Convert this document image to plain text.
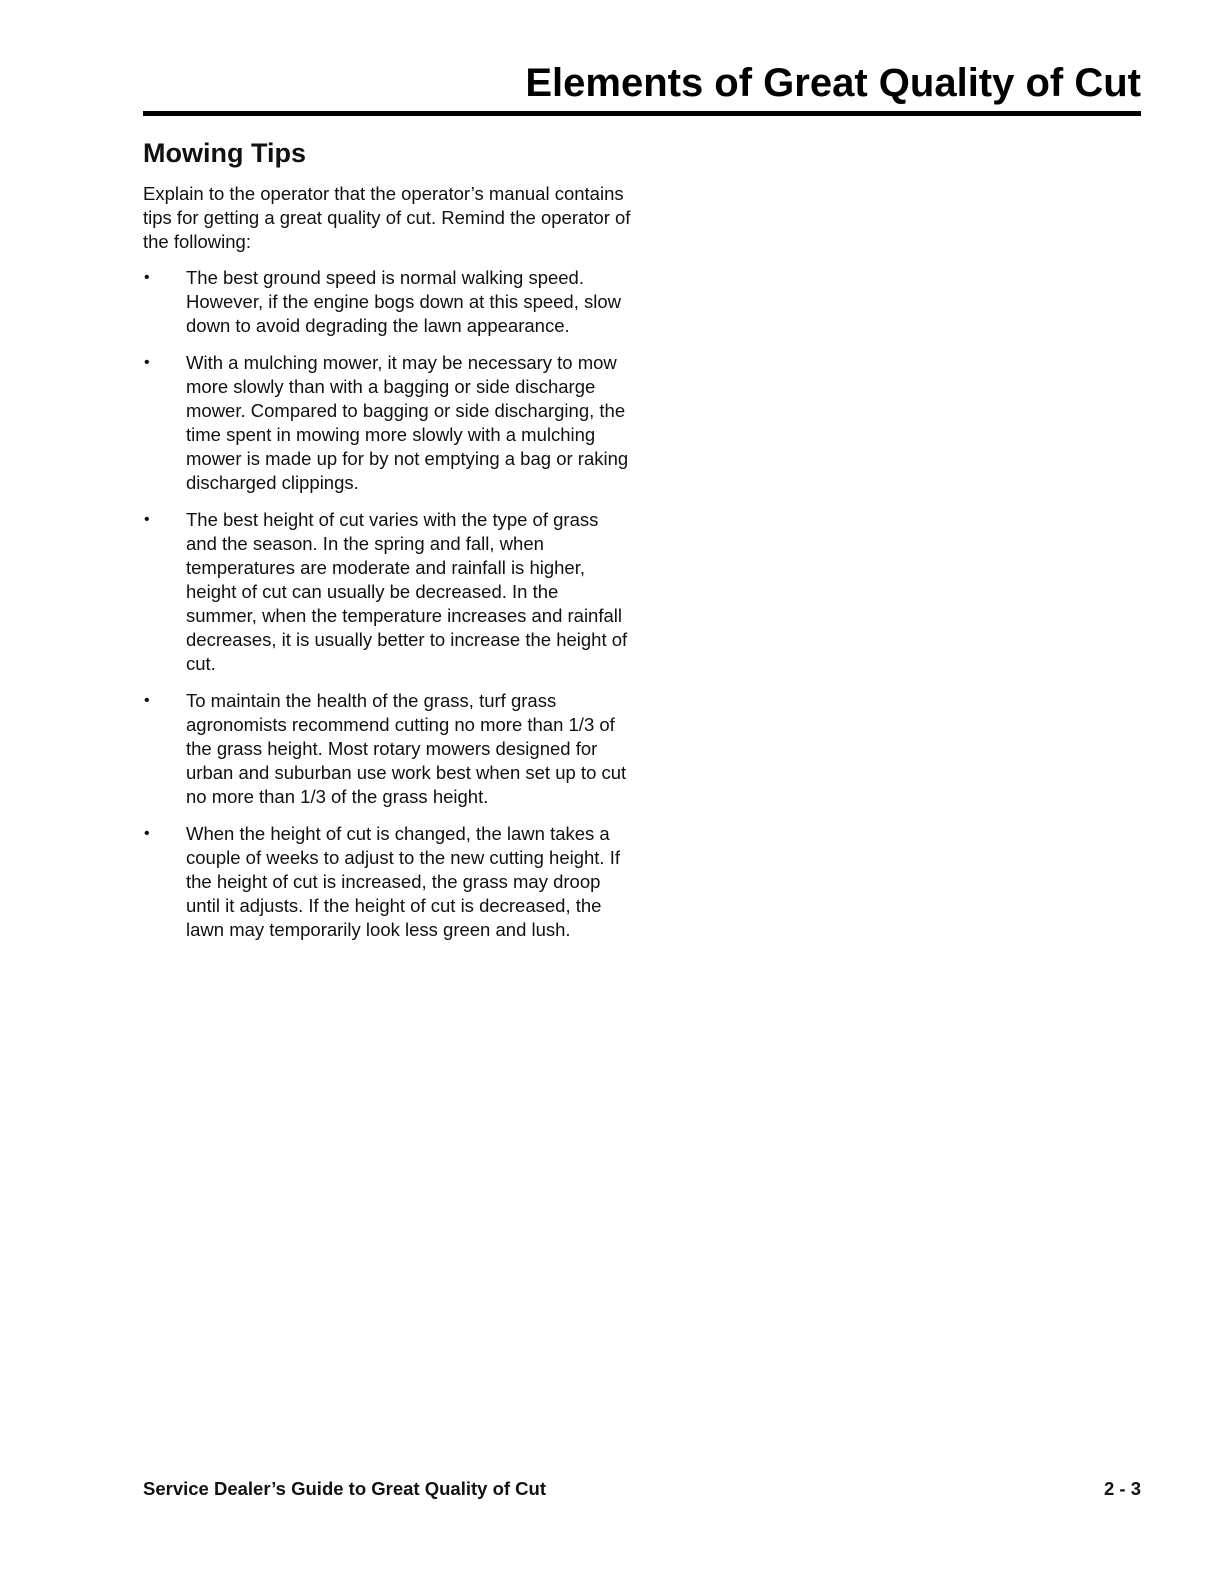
Elements of Great Quality of Cut
Mowing Tips

Explain to the operator that the operator’s manual contains tips for getting a great quality of cut. Remind the operator of the following:

• The best ground speed is normal walking speed. However, if the engine bogs down at this speed, slow down to avoid degrading the lawn appearance.
• With a mulching mower, it may be necessary to mow more slowly than with a bagging or side discharge mower. Compared to bagging or side discharging, the time spent in mowing more slowly with a mulching mower is made up for by not emptying a bag or raking discharged clippings.
• The best height of cut varies with the type of grass and the season. In the spring and fall, when temperatures are moderate and rainfall is higher, height of cut can usually be decreased. In the summer, when the temperature increases and rainfall decreases, it is usually better to increase the height of cut.
• To maintain the health of the grass, turf grass agronomists recommend cutting no more than 1/3 of the grass height. Most rotary mowers designed for urban and suburban use work best when set up to cut no more than 1/3 of the grass height.
• When the height of cut is changed, the lawn takes a couple of weeks to adjust to the new cutting height. If the height of cut is increased, the grass may droop until it adjusts. If the height of cut is decreased, the lawn may temporarily look less green and lush.
Service Dealer’s Guide to Great Quality of Cut	2 - 3
